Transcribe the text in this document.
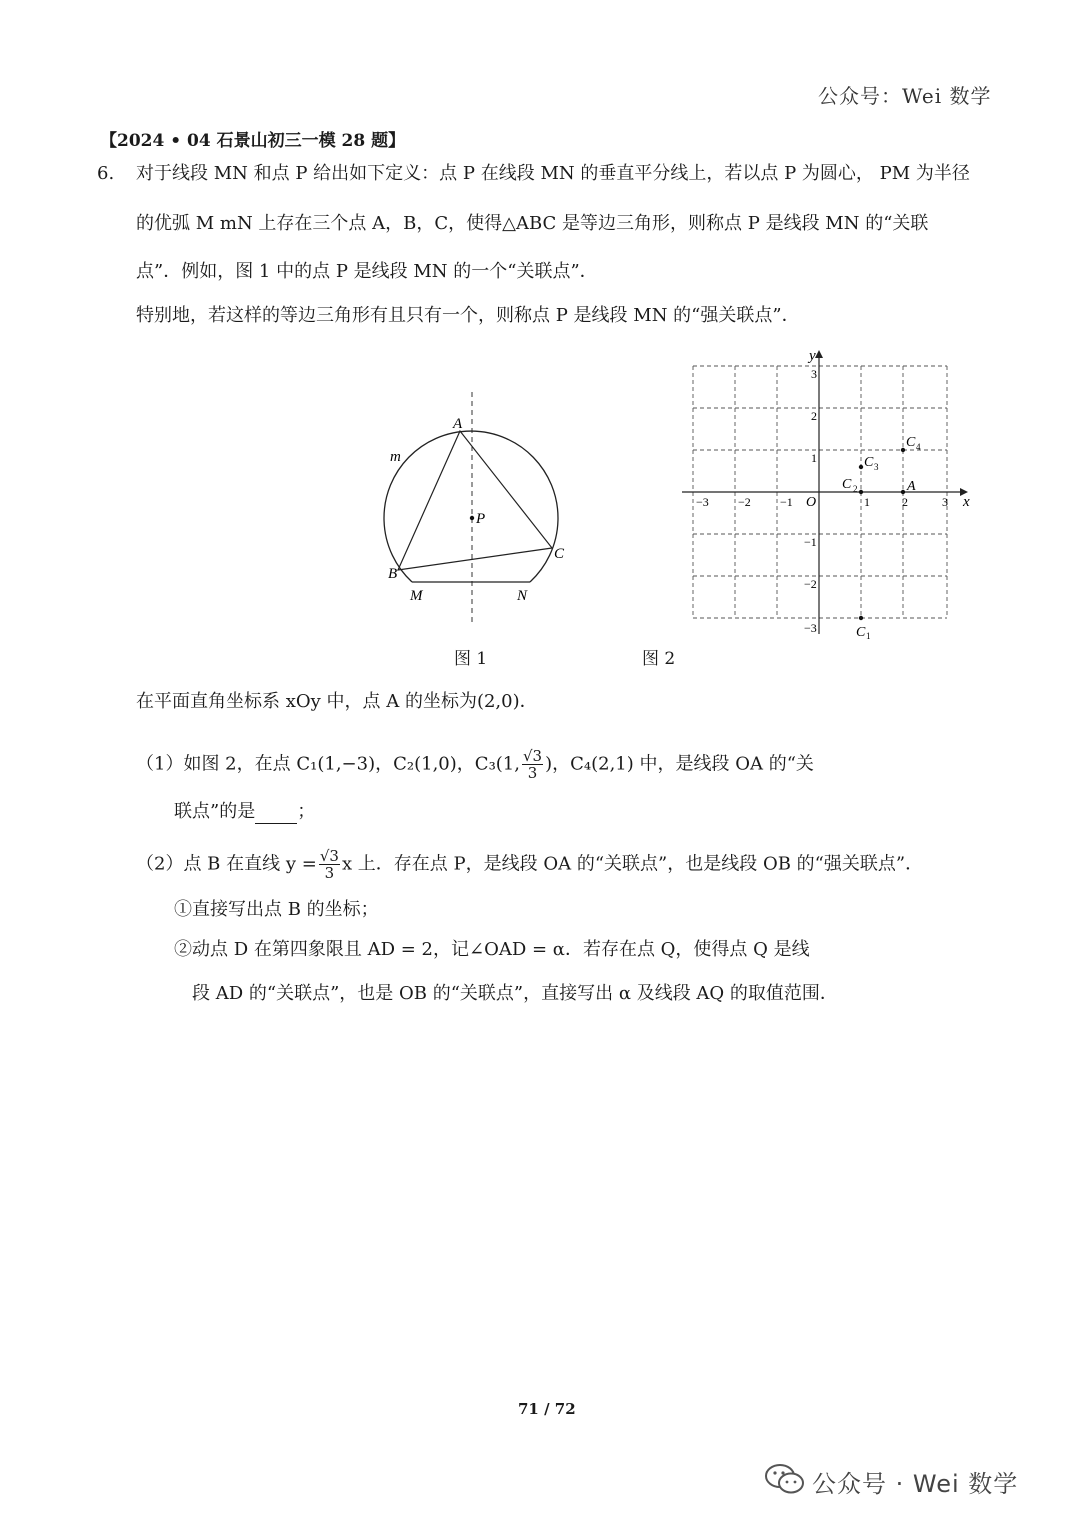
公众号：Wei 数学
【2024 • 04 石景山初三一模 28 题】
6. 对于线段 MN 和点 P 给出如下定义：点 P 在线段 MN 的垂直平分线上，若以点 P 为圆心， PM 为半径
的优弧 M mN 上存在三个点 A，B，C，使得△ABC 是等边三角形，则称点 P 是线段 MN 的“关联
点”．例如，图 1 中的点 P 是线段 MN 的一个“关联点”．
特别地，若这样的等边三角形有且只有一个，则称点 P 是线段 MN 的“强关联点”．
P
A
B
C
M	N
m
图 1
x
y
O
−3 −2 −1	1	2	3
3
2
1
−1
−2
−3
A
C 2
C 3
C 4
C 1
图 2
在平面直角坐标系 xOy 中，点 A 的坐标为(2,0)．
（1）如图 2，在点 C₁(1,−3)，C₂(1,0)，C₃(1, $\frac{√3}{3}$ )，C₄(2,1) 中，是线段 OA 的“关
联点”的是 ；
（2）点 B 在直线 $y = \frac{√3}{3}$ x 上．存在点 P，是线段 OA 的“关联点”，也是线段 OB 的“强关联点”．
①直接写出点 B 的坐标；
②动点 D 在第四象限且 AD = 2，记∠OAD = α．若存在点 Q，使得点 Q 是线
段 AD 的“关联点”，也是 OB 的“关联点”，直接写出 α 及线段 AQ 的取值范围．
71 / 72
公众号 · Wei 数学
